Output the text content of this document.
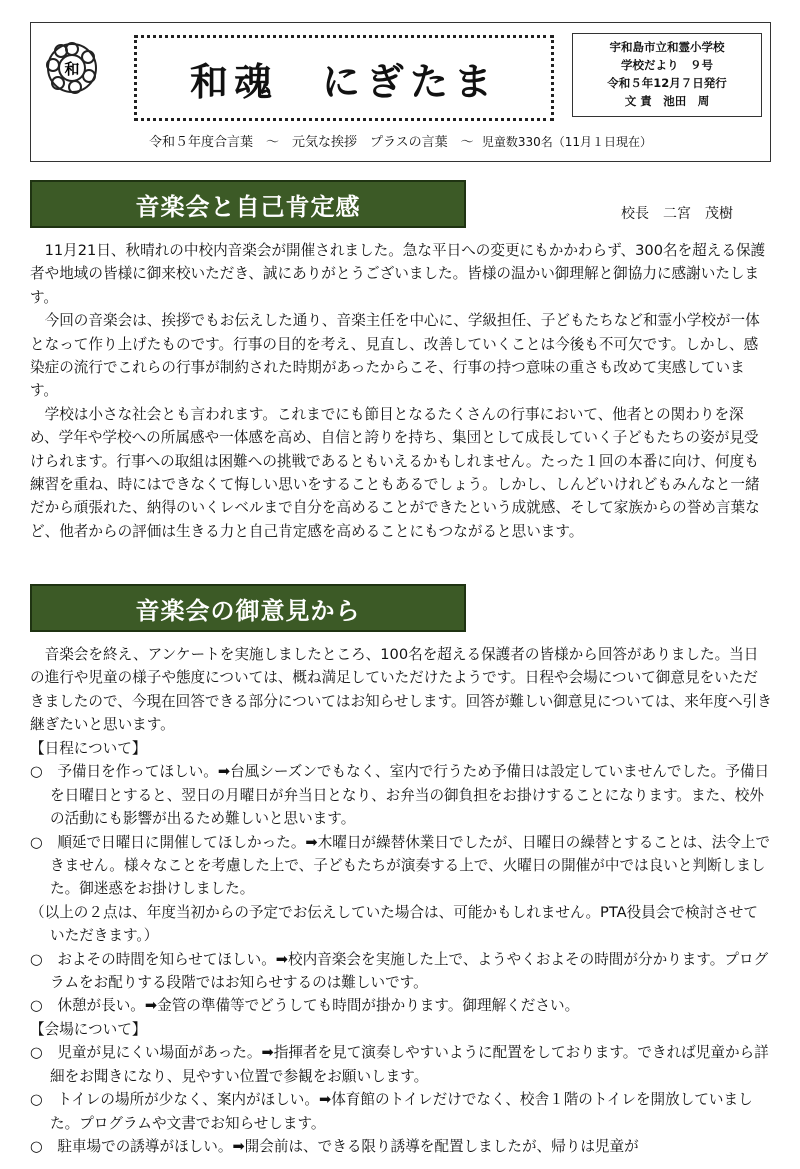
和	和魂　にぎたま
宇和島市立和霊小学校
学校だより　９号
令和５年12月７日発行
文 責　池田　周
令和５年度合言葉　～　元気な挨拶　プラスの言葉　～ 児童数330名（11月１日現在）
音楽会と自己肯定感	校長　二宮　茂樹

11月21日、秋晴れの中校内音楽会が開催されました。急な平日への変更にもかかわらず、300名を超える保護者や地域の皆様に御来校いただき、誠にありがとうございました。皆様の温かい御理解と御協力に感謝いたします。

今回の音楽会は、挨拶でもお伝えした通り、音楽主任を中心に、学級担任、子どもたちなど和霊小学校が一体となって作り上げたものです。行事の目的を考え、見直し、改善していくことは今後も不可欠です。しかし、感染症の流行でこれらの行事が制約された時期があったからこそ、行事の持つ意味の重さも改めて実感しています。

学校は小さな社会とも言われます。これまでにも節目となるたくさんの行事において、他者との関わりを深め、学年や学校への所属感や一体感を高め、自信と誇りを持ち、集団として成長していく子どもたちの姿が見受けられます。行事への取組は困難への挑戦であるともいえるかもしれません。たった１回の本番に向け、何度も練習を重ね、時にはできなくて悔しい思いをすることもあるでしょう。しかし、しんどいけれどもみんなと一緒だから頑張れた、納得のいくレベルまで自分を高めることができたという成就感、そして家族からの誉め言葉など、他者からの評価は生きる力と自己肯定感を高めることにもつながると思います。

音楽会の御意見から

音楽会を終え、アンケートを実施しましたところ、100名を超える保護者の皆様から回答がありました。当日の進行や児童の様子や態度については、概ね満足していただけたようです。日程や会場について御意見をいただきましたので、今現在回答できる部分についてはお知らせします。回答が難しい御意見については、来年度へ引き継ぎたいと思います。

【日程について】

○　予備日を作ってほしい。➡台風シーズンでもなく、室内で行うため予備日は設定していませんでした。予備日を日曜日とすると、翌日の月曜日が弁当日となり、お弁当の御負担をお掛けすることになります。また、校外の活動にも影響が出るため難しいと思います。

○　順延で日曜日に開催してほしかった。➡木曜日が繰替休業日でしたが、日曜日の繰替とすることは、法令上できません。様々なことを考慮した上で、子どもたちが演奏する上で、火曜日の開催が中では良いと判断しました。御迷惑をお掛けしました。

（以上の２点は、年度当初からの予定でお伝えしていた場合は、可能かもしれません。PTA役員会で検討させていただきます。）

○　およその時間を知らせてほしい。➡校内音楽会を実施した上で、ようやくおよその時間が分かります。プログラムをお配りする段階ではお知らせするのは難しいです。

○　休憩が長い。➡金管の準備等でどうしても時間が掛かります。御理解ください。

【会場について】

○　児童が見にくい場面があった。➡指揮者を見て演奏しやすいように配置をしております。できれば児童から詳細をお聞きになり、見やすい位置で参観をお願いします。

○　トイレの場所が少なく、案内がほしい。➡体育館のトイレだけでなく、校舎１階のトイレを開放していました。プログラムや文書でお知らせします。

○　駐車場での誘導がほしい。➡開会前は、できる限り誘導を配置しましたが、帰りは児童が
